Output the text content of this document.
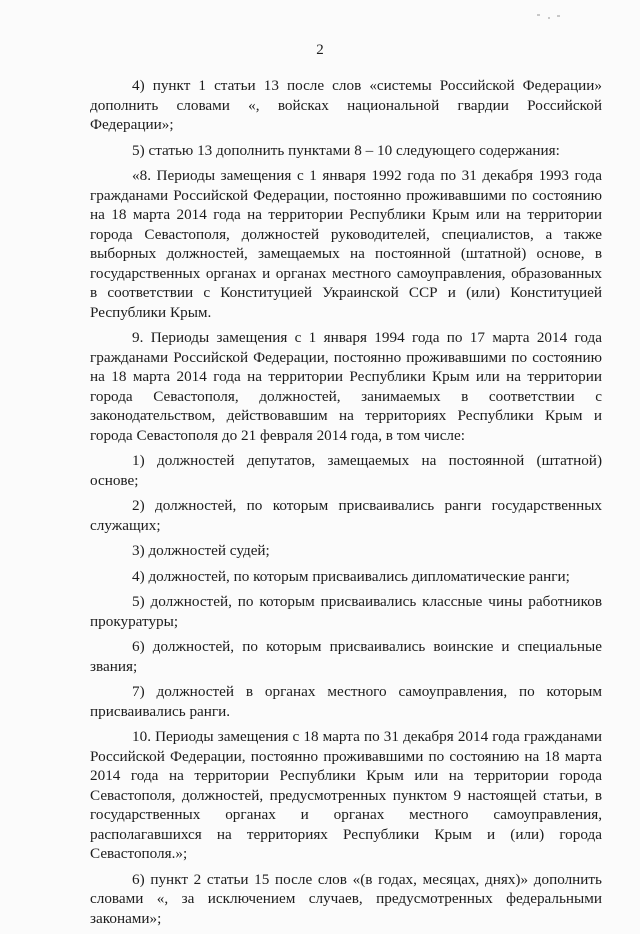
2

4) пункт 1 статьи 13 после слов «системы Российской Федерации» дополнить словами «, войсках национальной гвардии Российской Федерации»;

5) статью 13 дополнить пунктами 8 – 10 следующего содержания:

«8. Периоды замещения с 1 января 1992 года по 31 декабря 1993 года гражданами Российской Федерации, постоянно проживавшими по состоянию на 18 марта 2014 года на территории Республики Крым или на территории города Севастополя, должностей руководителей, специалистов, а также выборных должностей, замещаемых на постоянной (штатной) основе, в государственных органах и органах местного самоуправления, образованных в соответствии с Конституцией Украинской ССР и (или) Конституцией Республики Крым.

9. Периоды замещения с 1 января 1994 года по 17 марта 2014 года гражданами Российской Федерации, постоянно проживавшими по состоянию на 18 марта 2014 года на территории Республики Крым или на территории города Севастополя, должностей, занимаемых в соответствии с законодательством, действовавшим на территориях Республики Крым и города Севастополя до 21 февраля 2014 года, в том числе:

1) должностей депутатов, замещаемых на постоянной (штатной) основе;

2) должностей, по которым присваивались ранги государственных служащих;

3) должностей судей;

4) должностей, по которым присваивались дипломатические ранги;

5) должностей, по которым присваивались классные чины работников прокуратуры;

6) должностей, по которым присваивались воинские и специальные звания;

7) должностей в органах местного самоуправления, по которым присваивались ранги.

10. Периоды замещения с 18 марта по 31 декабря 2014 года гражданами Российской Федерации, постоянно проживавшими по состоянию на 18 марта 2014 года на территории Республики Крым или на территории города Севастополя, должностей, предусмотренных пунктом 9 настоящей статьи, в государственных органах и органах местного самоуправления, располагавшихся на территориях Республики Крым и (или) города Севастополя.»;

6) пункт 2 статьи 15 после слов «(в годах, месяцах, днях)» дополнить словами «, за исключением случаев, предусмотренных федеральными законами»;
